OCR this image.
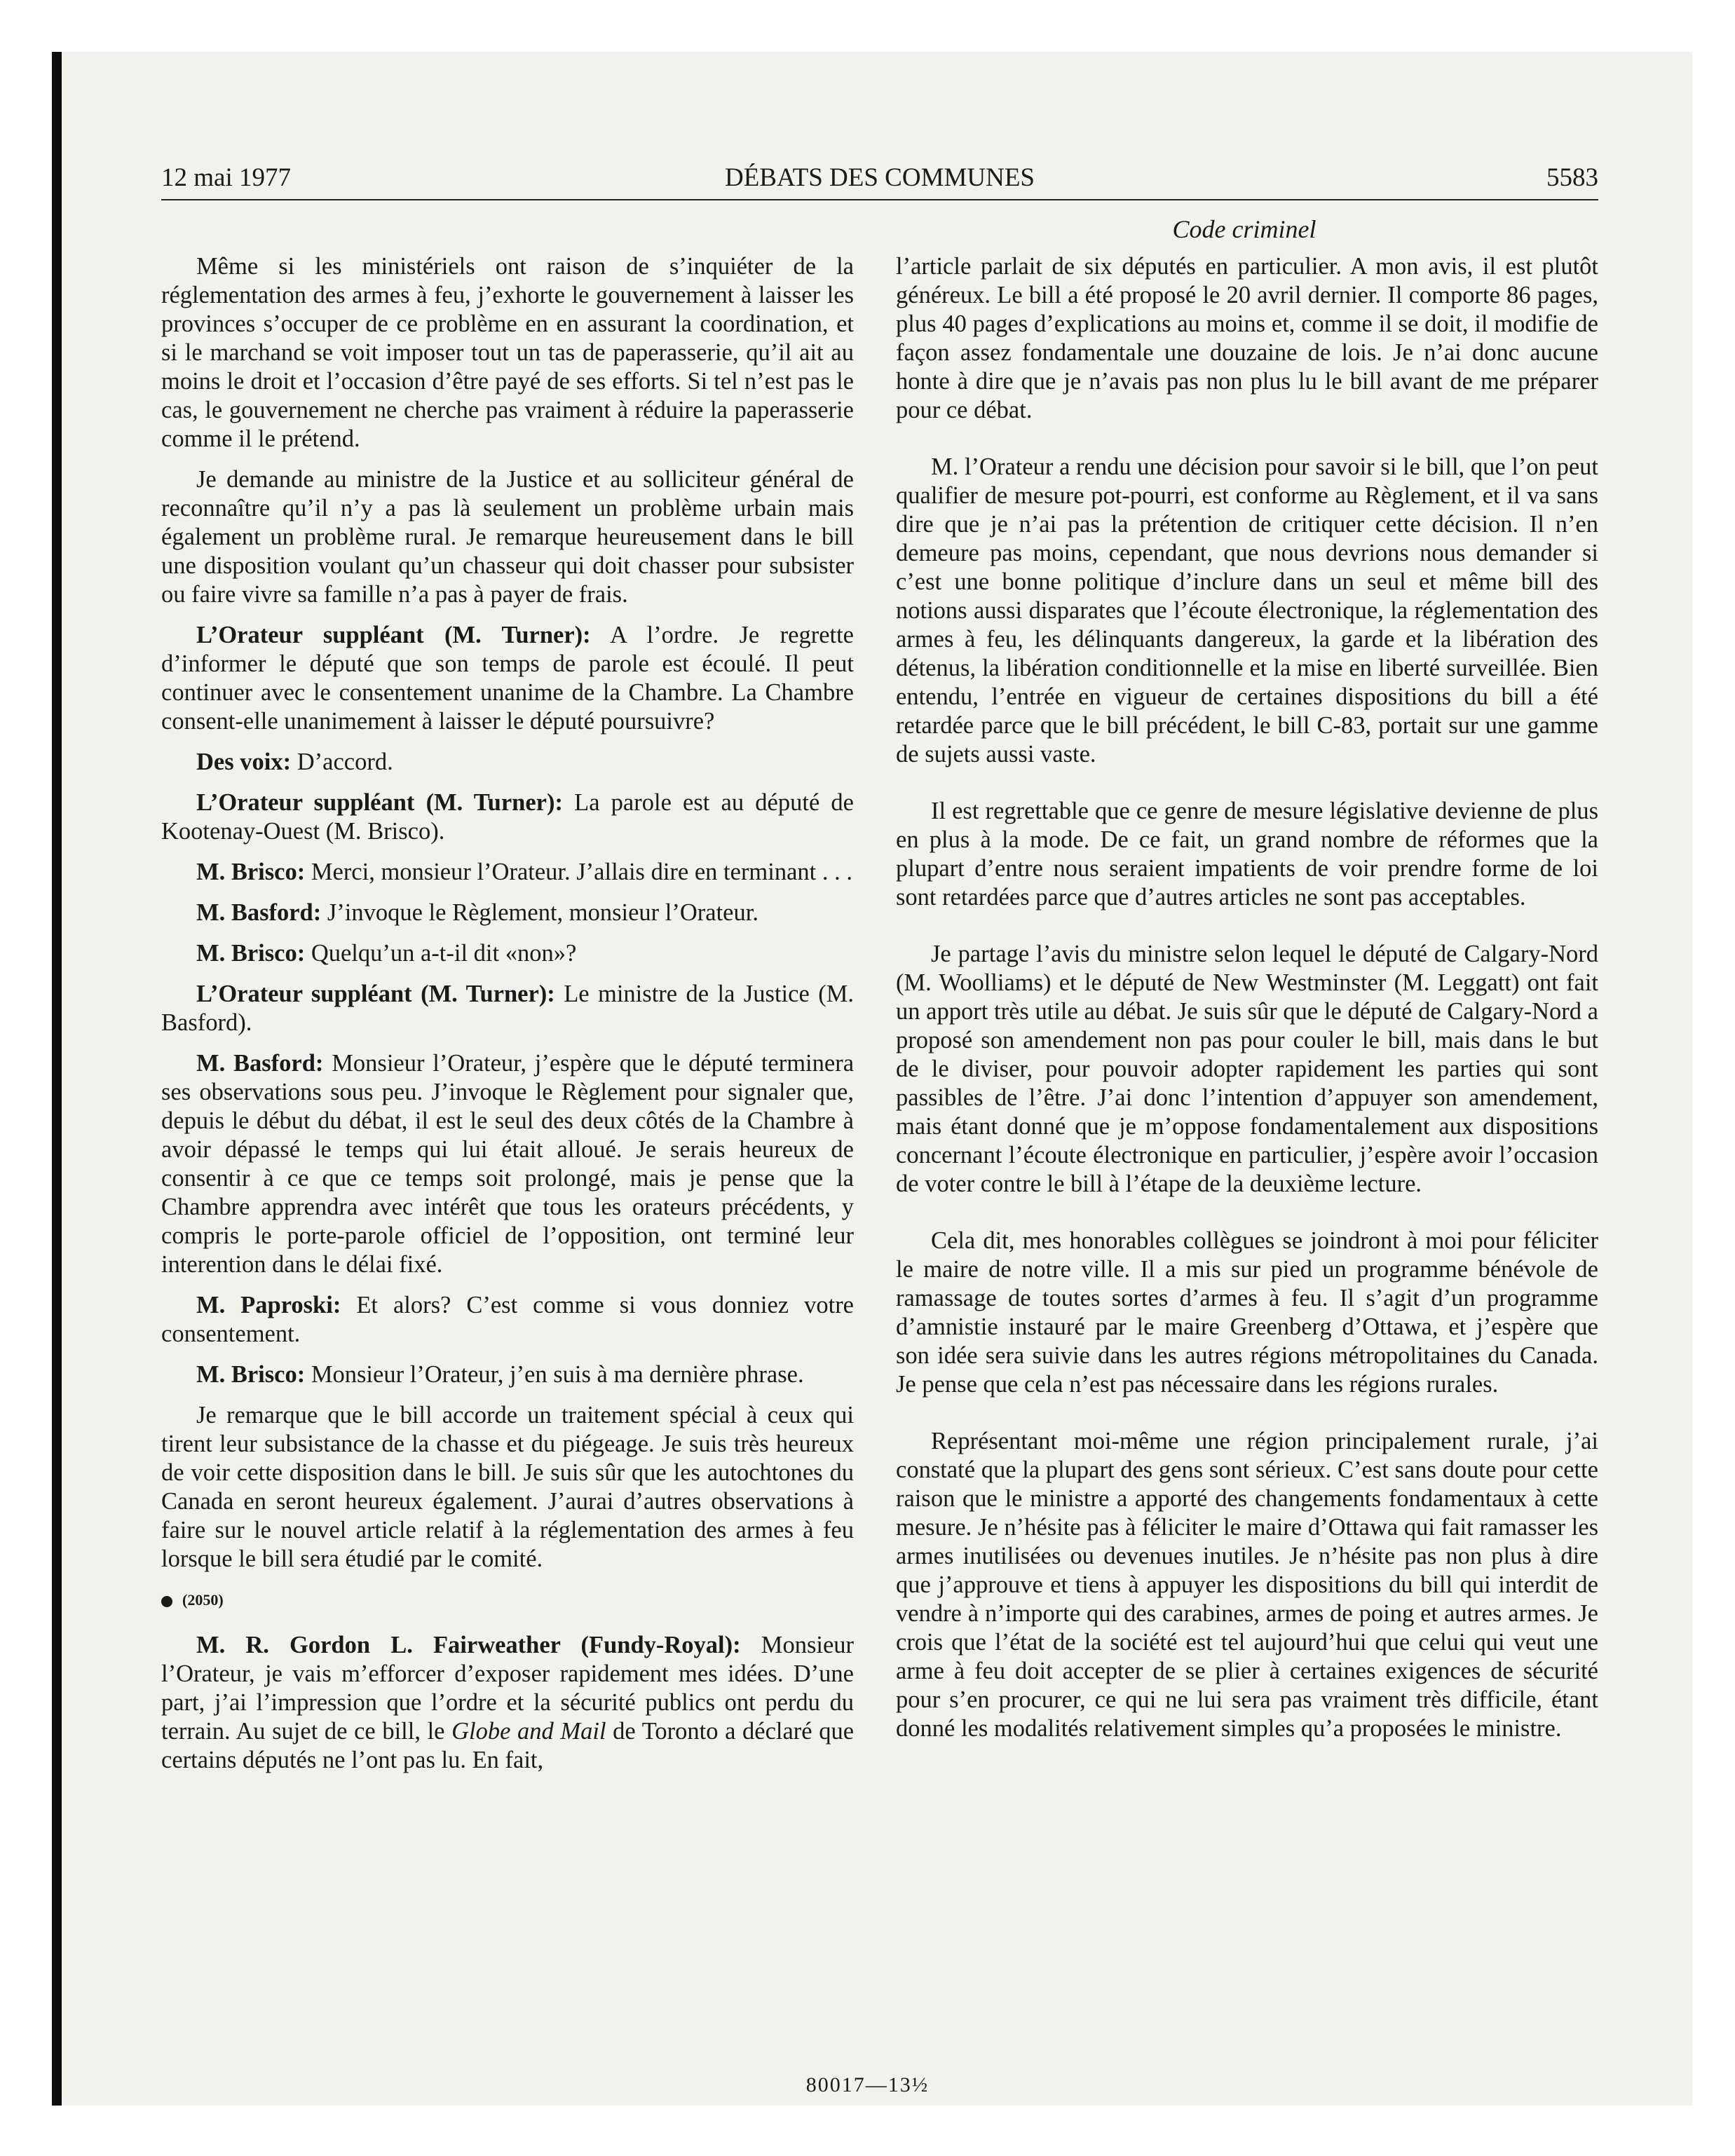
12 mai 1977	DÉBATS DES COMMUNES	5583
Code criminel

Même si les ministériels ont raison de s’inquiéter de la réglementation des armes à feu, j’exhorte le gouvernement à laisser les provinces s’occuper de ce problème en en assurant la coordination, et si le marchand se voit imposer tout un tas de paperasserie, qu’il ait au moins le droit et l’occasion d’être payé de ses efforts. Si tel n’est pas le cas, le gouvernement ne cherche pas vraiment à réduire la paperasserie comme il le prétend.

Je demande au ministre de la Justice et au solliciteur général de reconnaître qu’il n’y a pas là seulement un problème urbain mais également un problème rural. Je remarque heureusement dans le bill une disposition voulant qu’un chasseur qui doit chasser pour subsister ou faire vivre sa famille n’a pas à payer de frais.

L’Orateur suppléant (M. Turner): A l’ordre. Je regrette d’informer le député que son temps de parole est écoulé. Il peut continuer avec le consentement unanime de la Chambre. La Chambre consent-elle unanimement à laisser le député poursuivre?

Des voix: D’accord.

L’Orateur suppléant (M. Turner): La parole est au député de Kootenay-Ouest (M. Brisco).

M. Brisco: Merci, monsieur l’Orateur. J’allais dire en terminant . . .

M. Basford: J’invoque le Règlement, monsieur l’Orateur.

M. Brisco: Quelqu’un a-t-il dit «non»?

L’Orateur suppléant (M. Turner): Le ministre de la Justice (M. Basford).

M. Basford: Monsieur l’Orateur, j’espère que le député terminera ses observations sous peu. J’invoque le Règlement pour signaler que, depuis le début du débat, il est le seul des deux côtés de la Chambre à avoir dépassé le temps qui lui était alloué. Je serais heureux de consentir à ce que ce temps soit prolongé, mais je pense que la Chambre apprendra avec intérêt que tous les orateurs précédents, y compris le porte-parole officiel de l’opposition, ont terminé leur interention dans le délai fixé.

M. Paproski: Et alors? C’est comme si vous donniez votre consentement.

M. Brisco: Monsieur l’Orateur, j’en suis à ma dernière phrase.

Je remarque que le bill accorde un traitement spécial à ceux qui tirent leur subsistance de la chasse et du piégeage. Je suis très heureux de voir cette disposition dans le bill. Je suis sûr que les autochtones du Canada en seront heureux également. J’aurai d’autres observations à faire sur le nouvel article relatif à la réglementation des armes à feu lorsque le bill sera étudié par le comité.

(2050)

M. R. Gordon L. Fairweather (Fundy-Royal): Monsieur l’Orateur, je vais m’efforcer d’exposer rapidement mes idées. D’une part, j’ai l’impression que l’ordre et la sécurité publics ont perdu du terrain. Au sujet de ce bill, le Globe and Mail de Toronto a déclaré que certains députés ne l’ont pas lu. En fait,

l’article parlait de six députés en particulier. A mon avis, il est plutôt généreux. Le bill a été proposé le 20 avril dernier. Il comporte 86 pages, plus 40 pages d’explications au moins et, comme il se doit, il modifie de façon assez fondamentale une douzaine de lois. Je n’ai donc aucune honte à dire que je n’avais pas non plus lu le bill avant de me préparer pour ce débat.

M. l’Orateur a rendu une décision pour savoir si le bill, que l’on peut qualifier de mesure pot-pourri, est conforme au Règlement, et il va sans dire que je n’ai pas la prétention de critiquer cette décision. Il n’en demeure pas moins, cependant, que nous devrions nous demander si c’est une bonne politique d’inclure dans un seul et même bill des notions aussi disparates que l’écoute électronique, la réglementation des armes à feu, les délinquants dangereux, la garde et la libération des détenus, la libération conditionnelle et la mise en liberté surveillée. Bien entendu, l’entrée en vigueur de certaines dispositions du bill a été retardée parce que le bill précédent, le bill C-83, portait sur une gamme de sujets aussi vaste.

Il est regrettable que ce genre de mesure législative devienne de plus en plus à la mode. De ce fait, un grand nombre de réformes que la plupart d’entre nous seraient impatients de voir prendre forme de loi sont retardées parce que d’autres articles ne sont pas acceptables.

Je partage l’avis du ministre selon lequel le député de Calgary-Nord (M. Woolliams) et le député de New Westminster (M. Leggatt) ont fait un apport très utile au débat. Je suis sûr que le député de Calgary-Nord a proposé son amendement non pas pour couler le bill, mais dans le but de le diviser, pour pouvoir adopter rapidement les parties qui sont passibles de l’être. J’ai donc l’intention d’appuyer son amendement, mais étant donné que je m’oppose fondamentalement aux dispositions concernant l’écoute électronique en particulier, j’espère avoir l’occasion de voter contre le bill à l’étape de la deuxième lecture.

Cela dit, mes honorables collègues se joindront à moi pour féliciter le maire de notre ville. Il a mis sur pied un programme bénévole de ramassage de toutes sortes d’armes à feu. Il s’agit d’un programme d’amnistie instauré par le maire Greenberg d’Ottawa, et j’espère que son idée sera suivie dans les autres régions métropolitaines du Canada. Je pense que cela n’est pas nécessaire dans les régions rurales.

Représentant moi-même une région principalement rurale, j’ai constaté que la plupart des gens sont sérieux. C’est sans doute pour cette raison que le ministre a apporté des changements fondamentaux à cette mesure. Je n’hésite pas à féliciter le maire d’Ottawa qui fait ramasser les armes inutilisées ou devenues inutiles. Je n’hésite pas non plus à dire que j’approuve et tiens à appuyer les dispositions du bill qui interdit de vendre à n’importe qui des carabines, armes de poing et autres armes. Je crois que l’état de la société est tel aujourd’hui que celui qui veut une arme à feu doit accepter de se plier à certaines exigences de sécurité pour s’en procurer, ce qui ne lui sera pas vraiment très difficile, étant donné les modalités relativement simples qu’a proposées le ministre.

80017—13½
